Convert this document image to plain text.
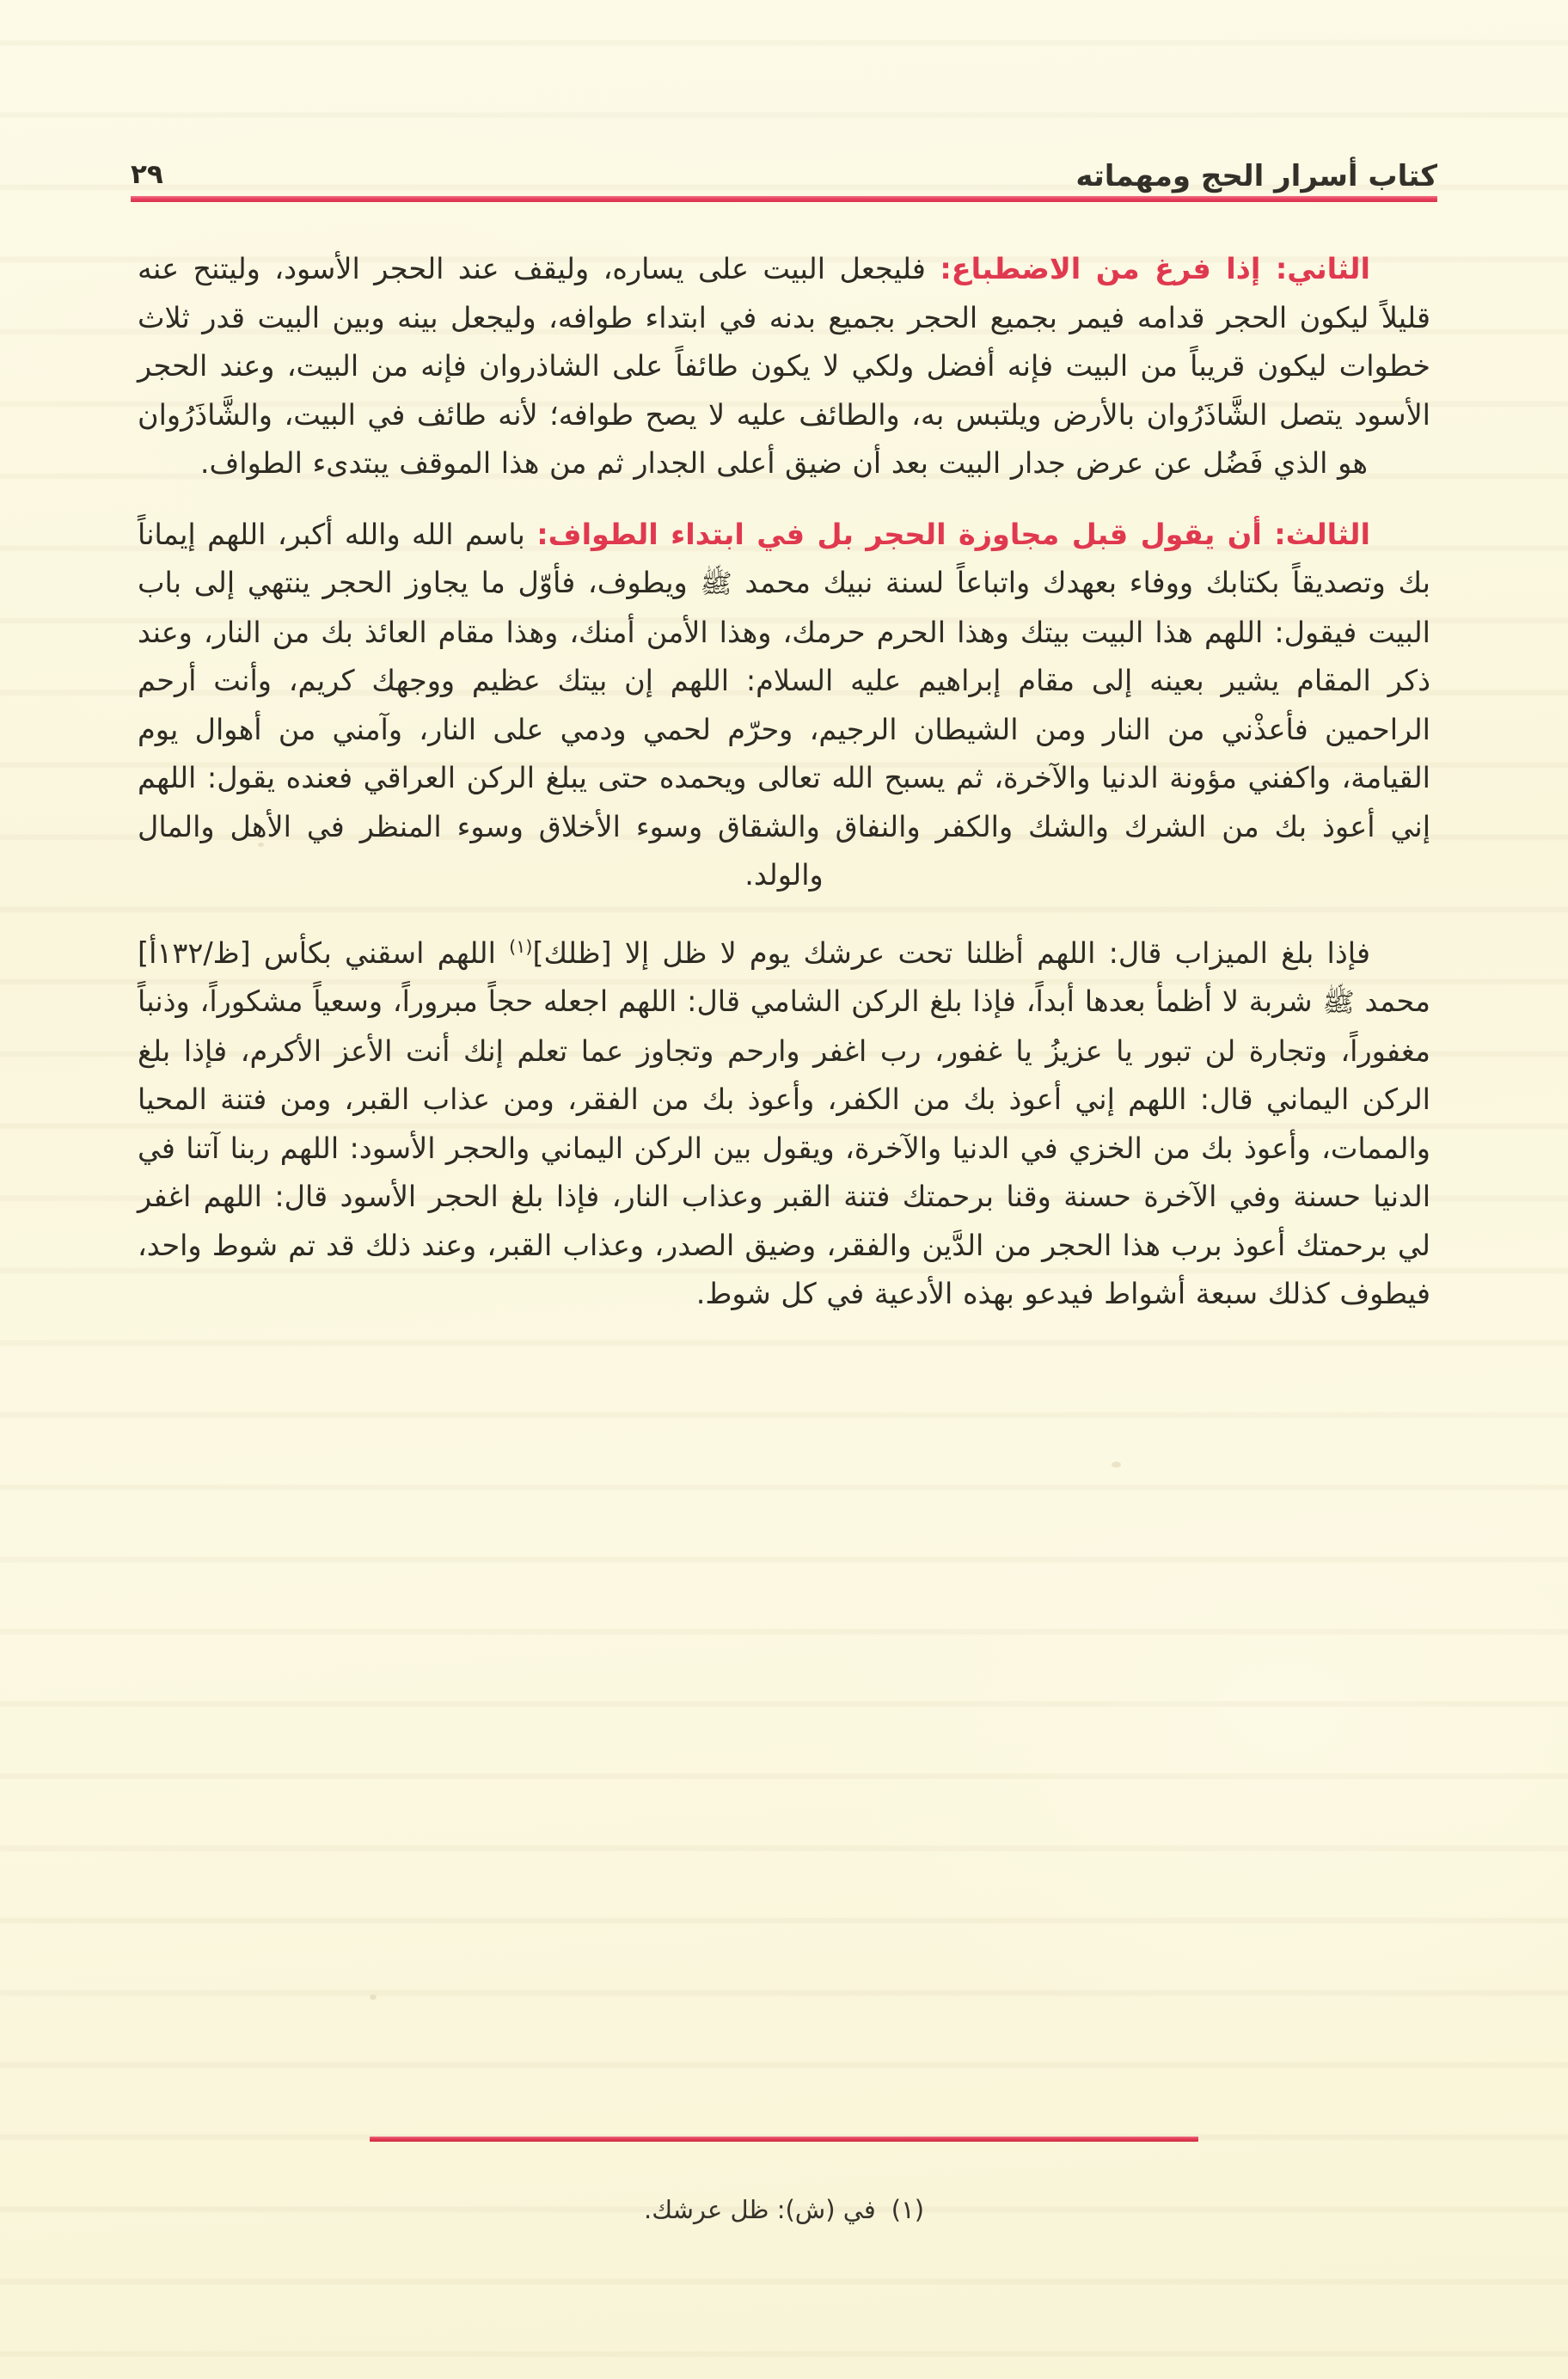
٢٩	كتاب أسرار الحج ومهماته

الثاني: إذا فرغ من الاضطباع: فليجعل البيت على يساره، وليقف عند الحجر الأسود، وليتنح عنه قليلاً ليكون الحجر قدامه فيمر بجميع الحجر بجميع بدنه في ابتداء طوافه، وليجعل بينه وبين البيت قدر ثلاث خطوات ليكون قريباً من البيت فإنه أفضل ولكي لا يكون طائفاً على الشاذروان فإنه من البيت، وعند الحجر الأسود يتصل الشَّاذَرُوان بالأرض ويلتبس به، والطائف عليه لا يصح طوافه؛ لأنه طائف في البيت، والشَّاذَرُوان هو الذي فَضُل عن عرض جدار البيت بعد أن ضيق أعلى الجدار ثم من هذا الموقف يبتدىء الطواف.

الثالث: أن يقول قبل مجاوزة الحجر بل في ابتداء الطواف: باسم الله والله أكبر، اللهم إيماناً بك وتصديقاً بكتابك ووفاء بعهدك واتباعاً لسنة نبيك محمد ﷺ ويطوف، فأوّل ما يجاوز الحجر ينتهي إلى باب البيت فيقول: اللهم هذا البيت بيتك وهذا الحرم حرمك، وهذا الأمن أمنك، وهذا مقام العائذ بك من النار، وعند ذكر المقام يشير بعينه إلى مقام إبراهيم عليه السلام: اللهم إن بيتك عظيم ووجهك كريم، وأنت أرحم الراحمين فأعذْني من النار ومن الشيطان الرجيم، وحرّم لحمي ودمي على النار، وآمني من أهوال يوم القيامة، واكفني مؤونة الدنيا والآخرة، ثم يسبح الله تعالى ويحمده حتى يبلغ الركن العراقي فعنده يقول: اللهم إني أعوذ بك من الشرك والشك والكفر والنفاق والشقاق وسوء الأخلاق وسوء المنظر في الأهل والمال والولد.

فإذا بلغ الميزاب قال: اللهم أظلنا تحت عرشك يوم لا ظل إلا [ظلك]$^{(١)}$ اللهم اسقني بكأس [ظ/١٣٢أ] محمد ﷺ شربة لا أظمأ بعدها أبداً، فإذا بلغ الركن الشامي قال: اللهم اجعله حجاً مبروراً، وسعياً مشكوراً، وذنباً مغفوراً، وتجارة لن تبور يا عزيزُ يا غفور، رب اغفر وارحم وتجاوز عما تعلم إنك أنت الأعز الأكرم، فإذا بلغ الركن اليماني قال: اللهم إني أعوذ بك من الكفر، وأعوذ بك من الفقر، ومن عذاب القبر، ومن فتنة المحيا والممات، وأعوذ بك من الخزي في الدنيا والآخرة، ويقول بين الركن اليماني والحجر الأسود: اللهم ربنا آتنا في الدنيا حسنة وفي الآخرة حسنة وقنا برحمتك فتنة القبر وعذاب النار، فإذا بلغ الحجر الأسود قال: اللهم اغفر لي برحمتك أعوذ برب هذا الحجر من الدَّين والفقر، وضيق الصدر، وعذاب القبر، وعند ذلك قد تم شوط واحد، فيطوف كذلك سبعة أشواط فيدعو بهذه الأدعية في كل شوط.

(١)في (ش): ظل عرشك.
